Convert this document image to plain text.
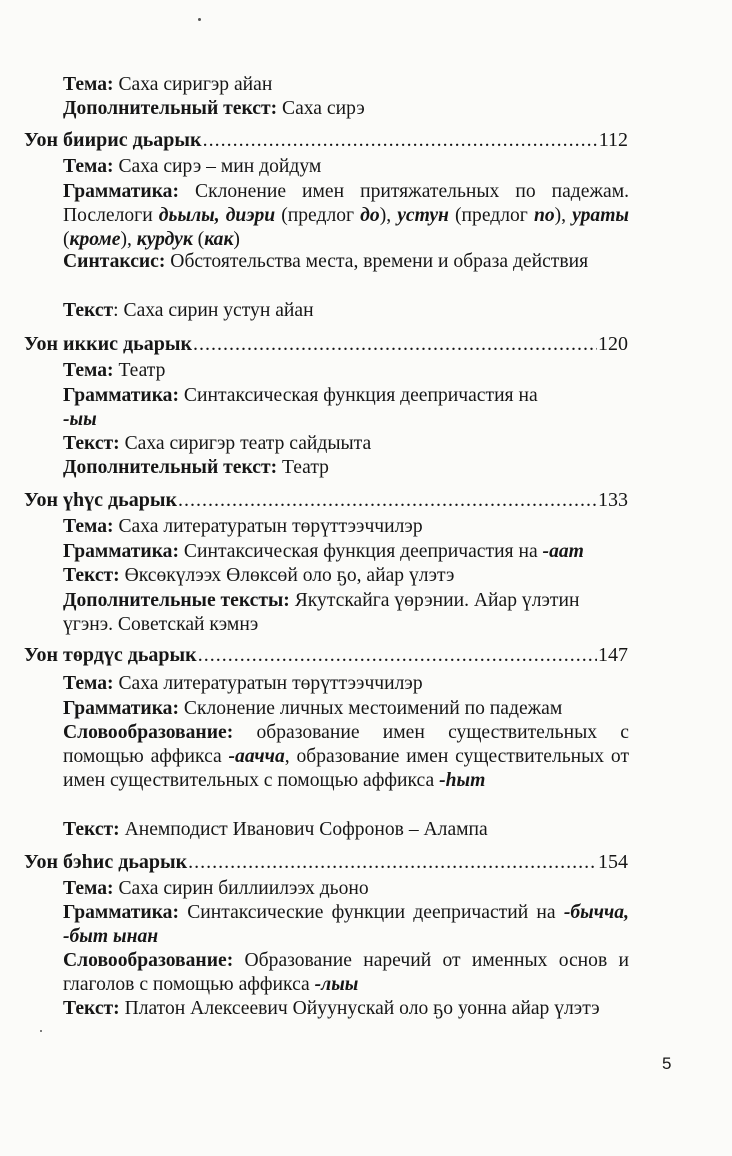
Тема: Саха сиригэр айан
Дополнительный текст: Саха сирэ
Уон биирис дьарык .....	112
Тема: Саха сирэ – мин дойдум
Грамматика: Склонение имен притяжательных по падежам. Послелоги дьылы, диэри (предлог до), устун (предлог по), ураты (кроме), курдук (как)
Синтаксис: Обстоятельства места, времени и образа действия
Текст: Саха сирин устун айан
Уон иккис дьарык .....	120
Тема: Театр
Грамматика: Синтаксическая функция деепричастия на
-ыы
Текст: Саха сиригэр театр сайдыыта
Дополнительный текст: Театр
Уон үһүс дьарык .....	133
Тема: Саха литературатын төрүттээччилэр
Грамматика: Синтаксическая функция деепричастия на -аат
Текст: Өксөкүлээх Өлөксөй оло ҕо, айар үлэтэ
Дополнительные тексты: Якутскайга үөрэнии. Айар үлэтин үгэнэ. Советскай кэмнэ
Уон төрдүс дьарык .....	147
Тема: Саха литературатын төрүттээччилэр
Грамматика: Склонение личных местоимений по падежам
Словообразование: образование имен существительных с помощью аффикса -аачча, образование имен существительных от имен существительных с помощью аффикса -һыт
Текст: Анемподист Иванович Софронов – Алампа
Уон бэһис дьарык .....	154
Тема: Саха сирин биллиилээх дьоно
Грамматика: Синтаксические функции деепричастий на -бычча, -быт ынан
Словообразование: Образование наречий от именных основ и глаголов с помощью аффикса -лыы
Текст: Платон Алексеевич Ойуунускай оло ҕо уонна айар үлэтэ
5
